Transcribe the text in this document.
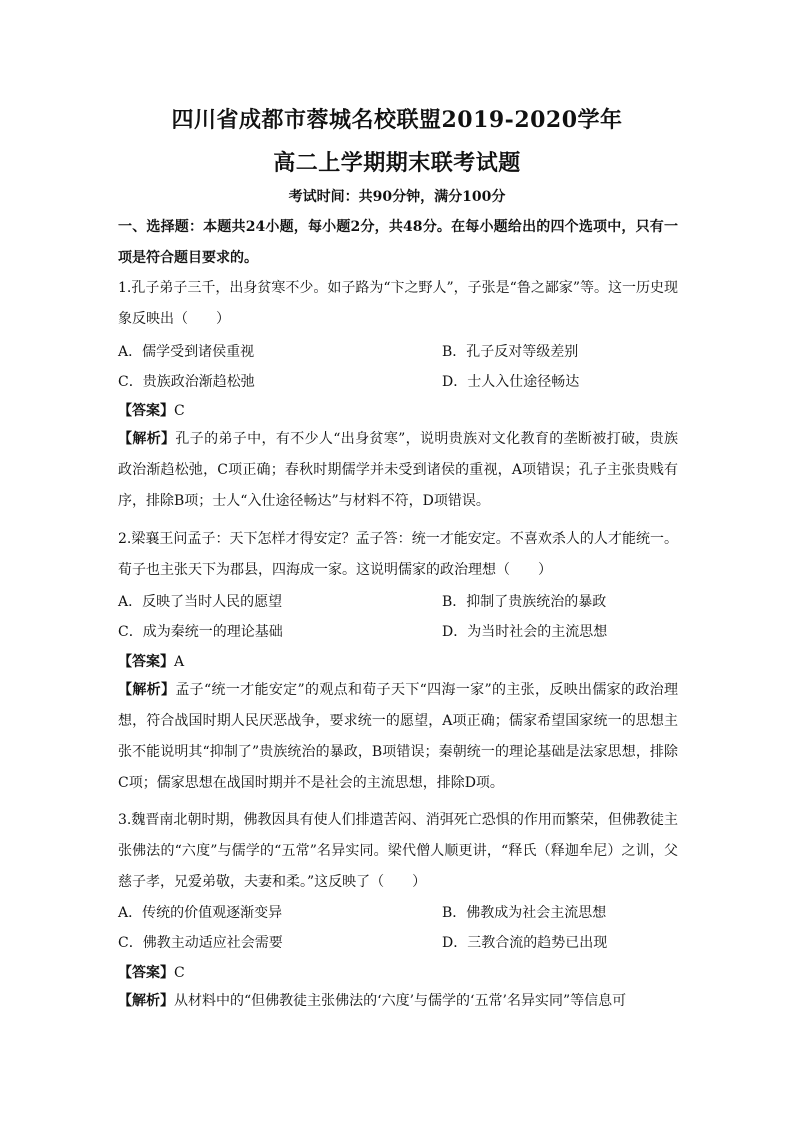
四川省成都市蓉城名校联盟2019-2020学年
高二上学期期末联考试题
考试时间：共90分钟，满分100分
一、选择题：本题共24小题，每小题2分，共48分。在每小题给出的四个选项中，只有一项是符合题目要求的。
1.孔子弟子三千，出身贫寒不少。如子路为“卞之野人”，子张是“鲁之鄙家”等。这一历史现象反映出（　　）
A．儒学受到诸侯重视	B．孔子反对等级差别
C．贵族政治渐趋松弛	D．士人入仕途径畅达
【答案】C
【解析】孔子的弟子中，有不少人“出身贫寒”，说明贵族对文化教育的垄断被打破，贵族政治渐趋松弛，C项正确；春秋时期儒学并未受到诸侯的重视，A项错误；孔子主张贵贱有序，排除B项；士人“入仕途径畅达”与材料不符，D项错误。
2.梁襄王问孟子：天下怎样才得安定？孟子答：统一才能安定。不喜欢杀人的人才能统一。荀子也主张天下为郡县，四海成一家。这说明儒家的政治理想（　　）
A．反映了当时人民的愿望	B．抑制了贵族统治的暴政
C．成为秦统一的理论基础	D．为当时社会的主流思想
【答案】A
【解析】孟子“统一才能安定”的观点和荀子天下“四海一家”的主张，反映出儒家的政治理想，符合战国时期人民厌恶战争，要求统一的愿望，A项正确；儒家希望国家统一的思想主张不能说明其“抑制了”贵族统治的暴政，B项错误；秦朝统一的理论基础是法家思想，排除C项；儒家思想在战国时期并不是社会的主流思想，排除D项。
3.魏晋南北朝时期，佛教因具有使人们排遣苦闷、消弭死亡恐惧的作用而繁荣，但佛教徒主张佛法的“六度”与儒学的“五常”名异实同。梁代僧人顺更讲，“释氏（释迦牟尼）之训，父慈子孝，兄爱弟敬，夫妻和柔。”这反映了（　　）
A．传统的价值观逐渐变异	B．佛教成为社会主流思想
C．佛教主动适应社会需要	D．三教合流的趋势已出现
【答案】C
【解析】从材料中的“但佛教徒主张佛法的‘六度’与儒学的‘五常’名异实同”等信息可
